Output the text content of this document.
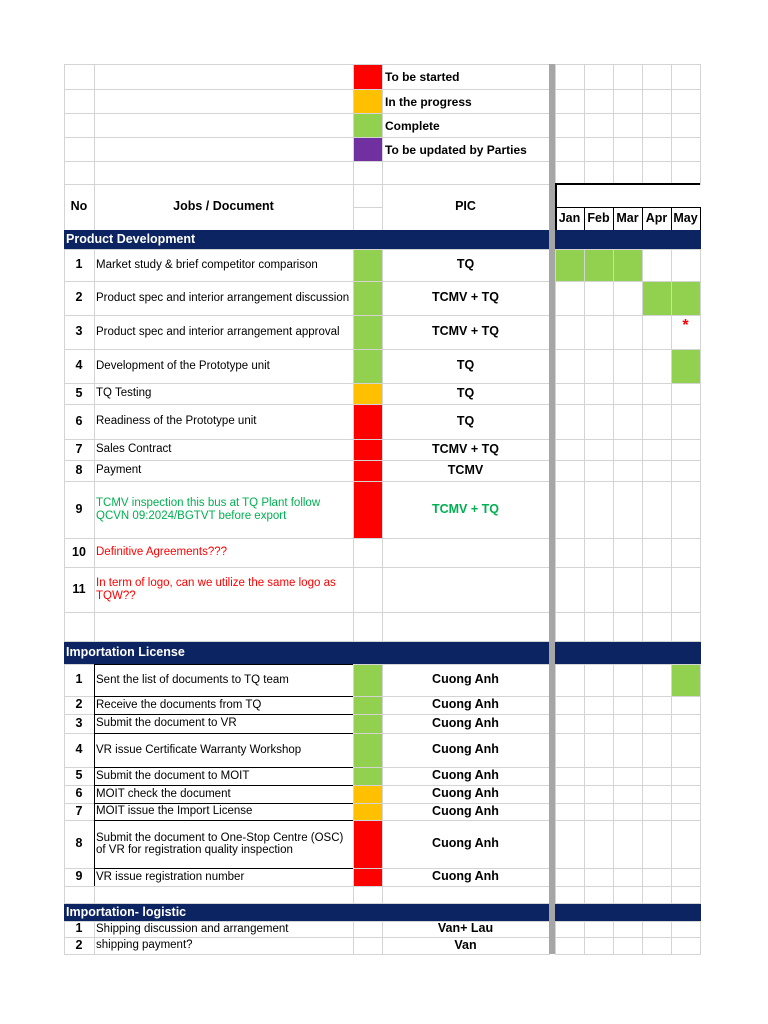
To be started
In the progress
Complete
To be updated by Parties
No	Jobs / Document	PIC
Jan Feb Mar Apr May
Product Development
Importation License
Importation- logistic
1	Market study & brief competitor comparison	TQ
2	Product spec and interior arrangement discussion	TCMV + TQ
3	Product spec and interior arrangement approval	TCMV + TQ	*
4	Development of the Prototype unit	TQ
5	TQ Testing	TQ
6	Readiness of the Prototype unit	TQ
7	Sales Contract	TCMV + TQ
8	Payment	TCMV
9	TCMV inspection this bus at TQ Plant follow QCVN 09:2024/BGTVT before export	TCMV + TQ
10 Definitive Agreements???
11 In term of logo, can we utilize the same logo as TQW??
1	Sent the list of documents to TQ team	Cuong Anh
2	Receive the documents from TQ	Cuong Anh
3	Submit the document to VR	Cuong Anh
4	VR issue Certificate Warranty Workshop	Cuong Anh
5	Submit the document to MOIT	Cuong Anh
6	MOIT check the document	Cuong Anh
7	MOIT issue the Import License	Cuong Anh
8	Submit the document to One-Stop Centre (OSC) of VR for registration quality inspection	Cuong Anh
9	VR issue registration number	Cuong Anh
1	Shipping discussion and arrangement	Van+ Lau
2	shipping payment?	Van
